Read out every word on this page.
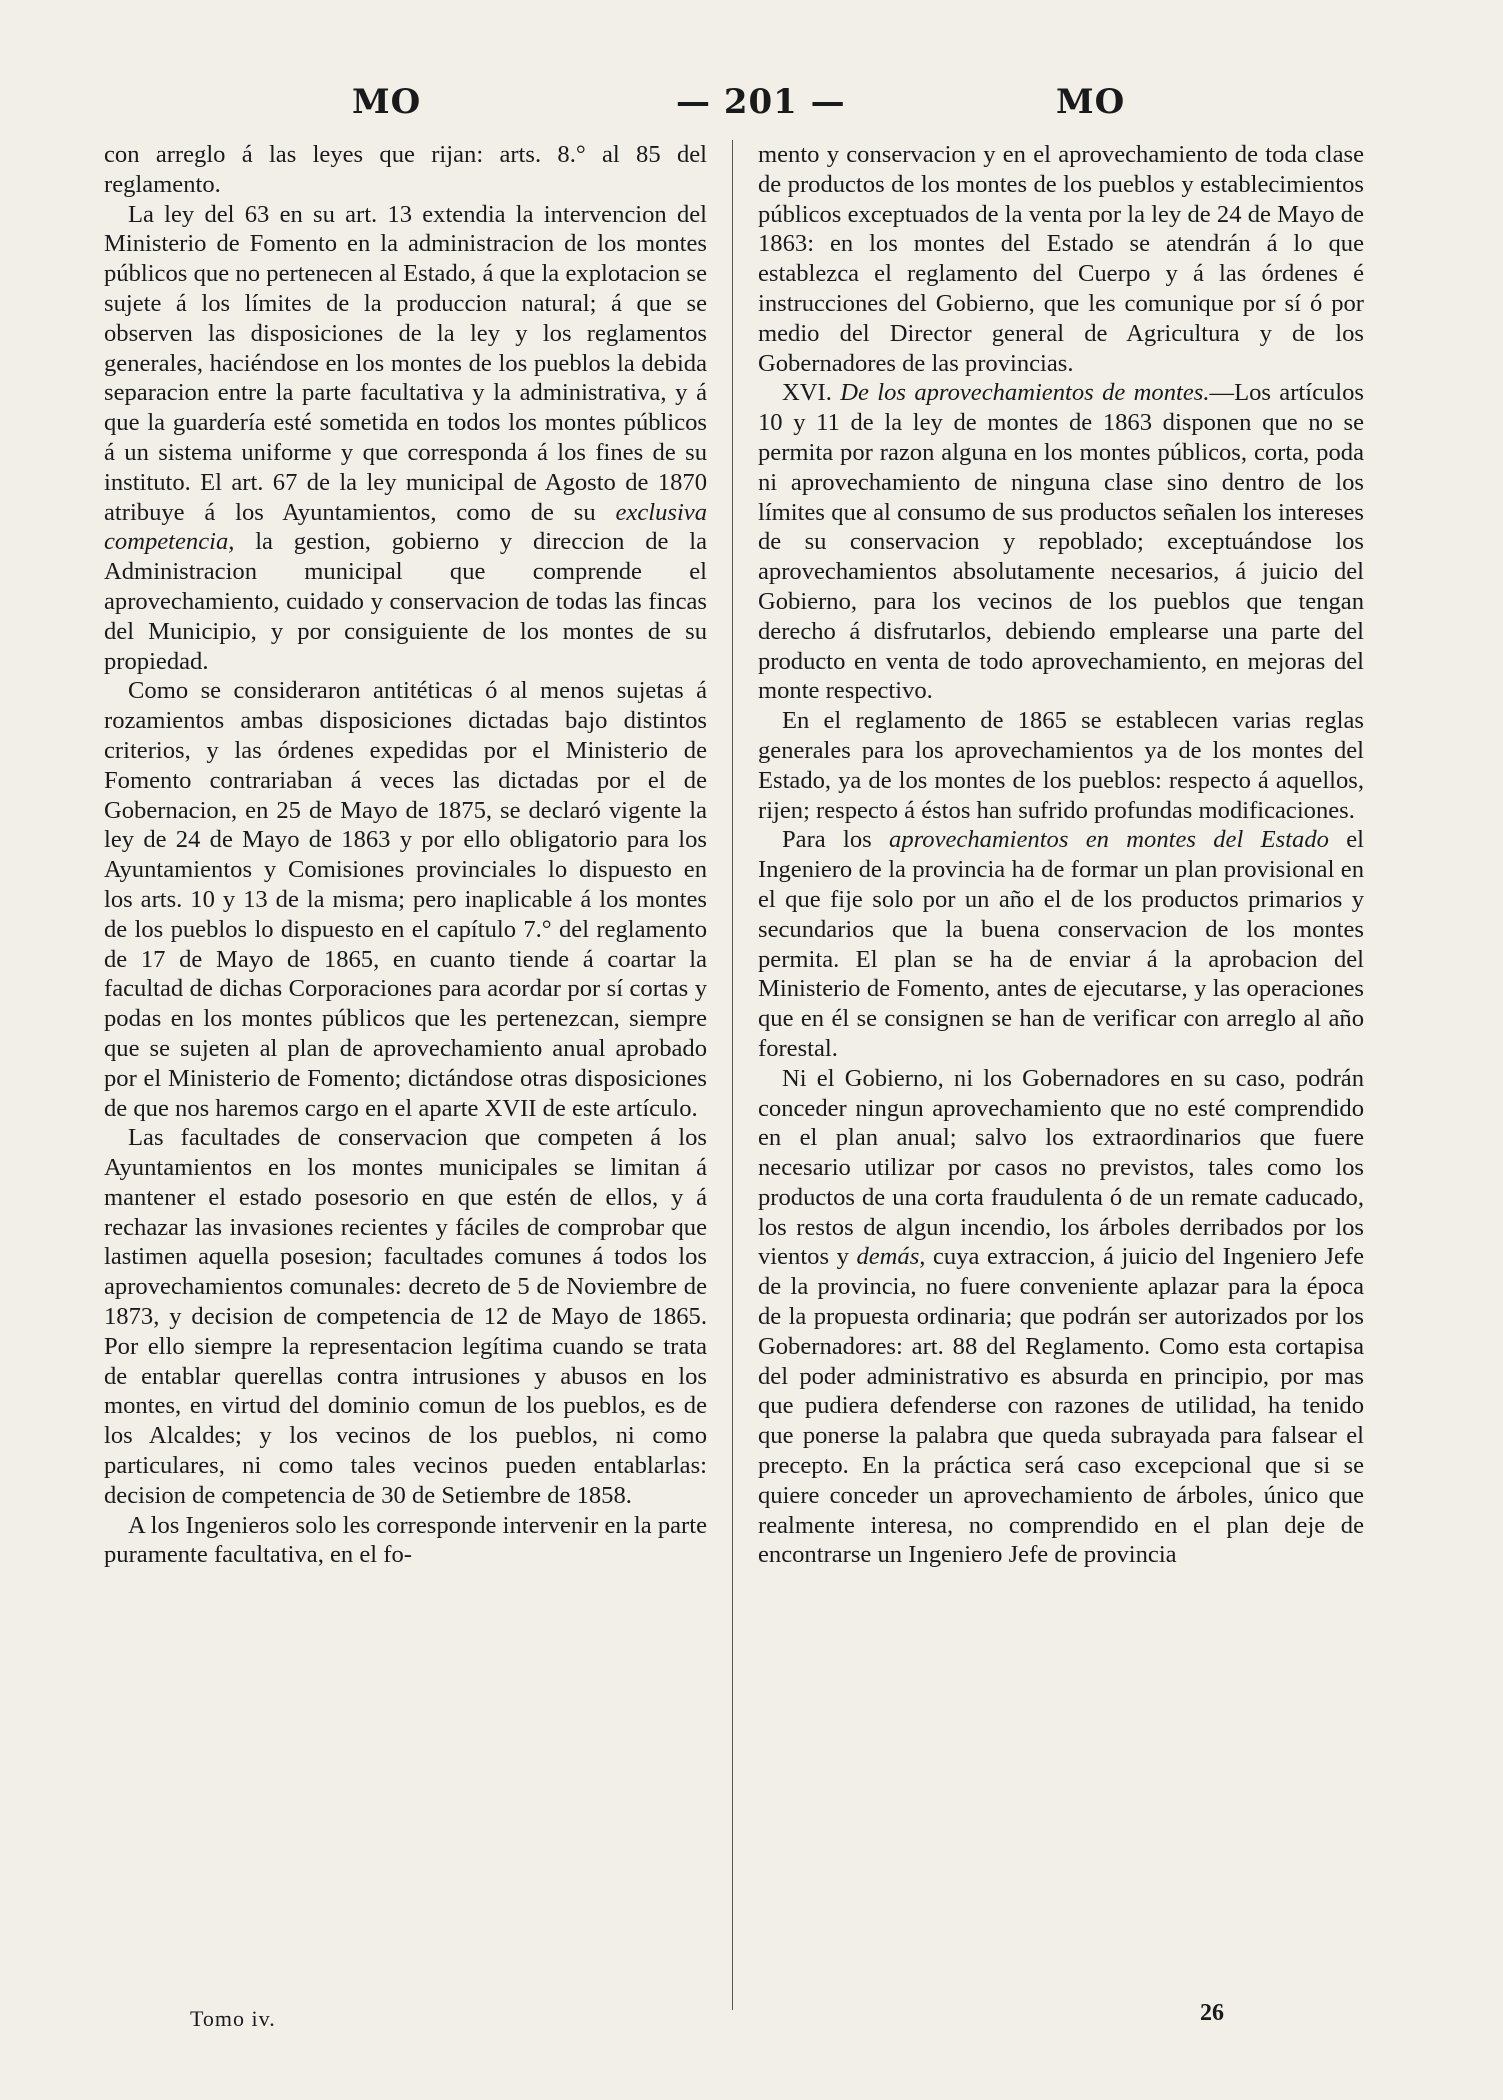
MO	— 201 —	MO

con arreglo á las leyes que rijan: arts. 8.° al 85 del reglamento.

La ley del 63 en su art. 13 extendia la intervencion del Ministerio de Fomento en la administracion de los montes públicos que no pertenecen al Estado, á que la explotacion se sujete á los límites de la produccion natural; á que se observen las disposiciones de la ley y los reglamentos generales, haciéndose en los montes de los pueblos la debida separacion entre la parte facultativa y la administrativa, y á que la guardería esté sometida en todos los montes públicos á un sistema uniforme y que corresponda á los fines de su instituto. El art. 67 de la ley municipal de Agosto de 1870 atribuye á los Ayuntamientos, como de su exclusiva competencia, la gestion, gobierno y direccion de la Administracion municipal que comprende el aprovechamiento, cuidado y conservacion de todas las fincas del Municipio, y por consiguiente de los montes de su propiedad.

Como se consideraron antitéticas ó al menos sujetas á rozamientos ambas disposiciones dictadas bajo distintos criterios, y las órdenes expedidas por el Ministerio de Fomento contrariaban á veces las dictadas por el de Gobernacion, en 25 de Mayo de 1875, se declaró vigente la ley de 24 de Mayo de 1863 y por ello obligatorio para los Ayuntamientos y Comisiones provinciales lo dispuesto en los arts. 10 y 13 de la misma; pero inaplicable á los montes de los pueblos lo dispuesto en el capítulo 7.° del reglamento de 17 de Mayo de 1865, en cuanto tiende á coartar la facultad de dichas Corporaciones para acordar por sí cortas y podas en los montes públicos que les pertenezcan, siempre que se sujeten al plan de aprovechamiento anual aprobado por el Ministerio de Fomento; dictándose otras disposiciones de que nos haremos cargo en el aparte XVII de este artículo.

Las facultades de conservacion que competen á los Ayuntamientos en los montes municipales se limitan á mantener el estado posesorio en que estén de ellos, y á rechazar las invasiones recientes y fáciles de comprobar que lastimen aquella posesion; facultades comunes á todos los aprovechamientos comunales: decreto de 5 de Noviembre de 1873, y decision de competencia de 12 de Mayo de 1865. Por ello siempre la representacion legítima cuando se trata de entablar querellas contra intrusiones y abusos en los montes, en virtud del dominio comun de los pueblos, es de los Alcaldes; y los vecinos de los pueblos, ni como particulares, ni como tales vecinos pueden entablarlas: decision de competencia de 30 de Setiembre de 1858.

A los Ingenieros solo les corresponde intervenir en la parte puramente facultativa, en el fo-

mento y conservacion y en el aprovechamiento de toda clase de productos de los montes de los pueblos y establecimientos públicos exceptuados de la venta por la ley de 24 de Mayo de 1863: en los montes del Estado se atendrán á lo que establezca el reglamento del Cuerpo y á las órdenes é instrucciones del Gobierno, que les comunique por sí ó por medio del Director general de Agricultura y de los Gobernadores de las provincias.

XVI. De los aprovechamientos de montes.—Los artículos 10 y 11 de la ley de montes de 1863 disponen que no se permita por razon alguna en los montes públicos, corta, poda ni aprovechamiento de ninguna clase sino dentro de los límites que al consumo de sus productos señalen los intereses de su conservacion y repoblado; exceptuándose los aprovechamientos absolutamente necesarios, á juicio del Gobierno, para los vecinos de los pueblos que tengan derecho á disfrutarlos, debiendo emplearse una parte del producto en venta de todo aprovechamiento, en mejoras del monte respectivo.

En el reglamento de 1865 se establecen varias reglas generales para los aprovechamientos ya de los montes del Estado, ya de los montes de los pueblos: respecto á aquellos, rijen; respecto á éstos han sufrido profundas modificaciones.

Para los aprovechamientos en montes del Estado el Ingeniero de la provincia ha de formar un plan provisional en el que fije solo por un año el de los productos primarios y secundarios que la buena conservacion de los montes permita. El plan se ha de enviar á la aprobacion del Ministerio de Fomento, antes de ejecutarse, y las operaciones que en él se consignen se han de verificar con arreglo al año forestal.

Ni el Gobierno, ni los Gobernadores en su caso, podrán conceder ningun aprovechamiento que no esté comprendido en el plan anual; salvo los extraordinarios que fuere necesario utilizar por casos no previstos, tales como los productos de una corta fraudulenta ó de un remate caducado, los restos de algun incendio, los árboles derribados por los vientos y demás, cuya extraccion, á juicio del Ingeniero Jefe de la provincia, no fuere conveniente aplazar para la época de la propuesta ordinaria; que podrán ser autorizados por los Gobernadores: art. 88 del Reglamento. Como esta cortapisa del poder administrativo es absurda en principio, por mas que pudiera defenderse con razones de utilidad, ha tenido que ponerse la palabra que queda subrayada para falsear el precepto. En la práctica será caso excepcional que si se quiere conceder un aprovechamiento de árboles, único que realmente interesa, no comprendido en el plan deje de encontrarse un Ingeniero Jefe de provincia

Tomo iv.	26
